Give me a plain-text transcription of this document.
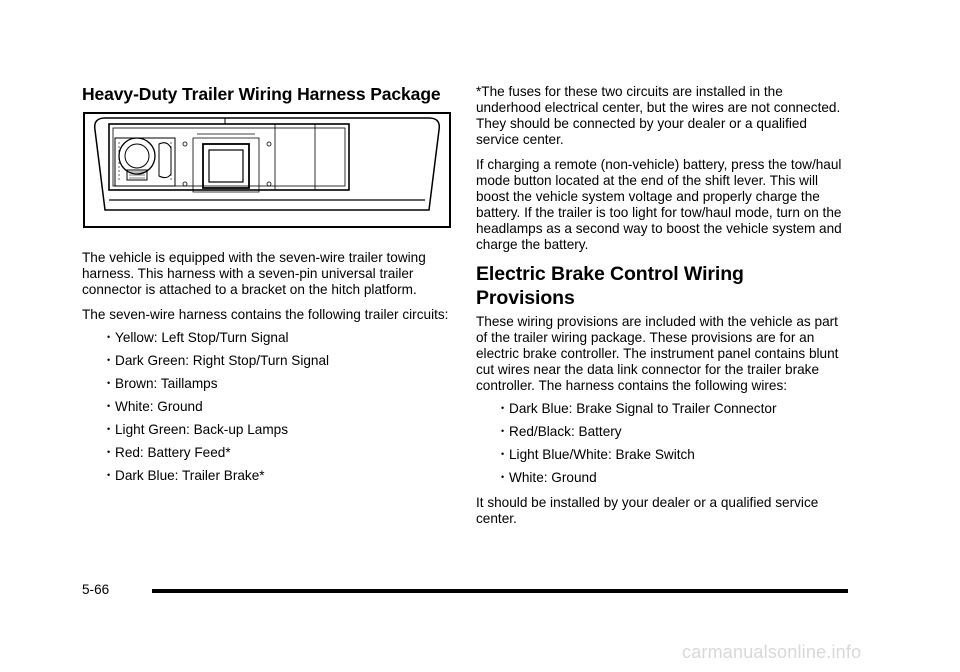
Heavy-Duty Trailer Wiring Harness Package

The vehicle is equipped with the seven-wire trailer towing harness. This harness with a seven-pin universal trailer connector is attached to a bracket on the hitch platform.

The seven-wire harness contains the following trailer circuits:

• Yellow: Left Stop/Turn Signal
• Dark Green: Right Stop/Turn Signal
• Brown: Taillamps
• White: Ground
• Light Green: Back-up Lamps
• Red: Battery Feed*
• Dark Blue: Trailer Brake*

*The fuses for these two circuits are installed in the underhood electrical center, but the wires are not connected. They should be connected by your dealer or a qualified service center.

If charging a remote (non-vehicle) battery, press the tow/haul mode button located at the end of the shift lever. This will boost the vehicle system voltage and properly charge the battery. If the trailer is too light for tow/haul mode, turn on the headlamps as a second way to boost the vehicle system and charge the battery.

Electric Brake Control Wiring Provisions

These wiring provisions are included with the vehicle as part of the trailer wiring package. These provisions are for an electric brake controller. The instrument panel contains blunt cut wires near the data link connector for the trailer brake controller. The harness contains the following wires:

• Dark Blue: Brake Signal to Trailer Connector
• Red/Black: Battery
• Light Blue/White: Brake Switch
• White: Ground

It should be installed by your dealer or a qualified service center.

5-66
carmanualsonline.info
